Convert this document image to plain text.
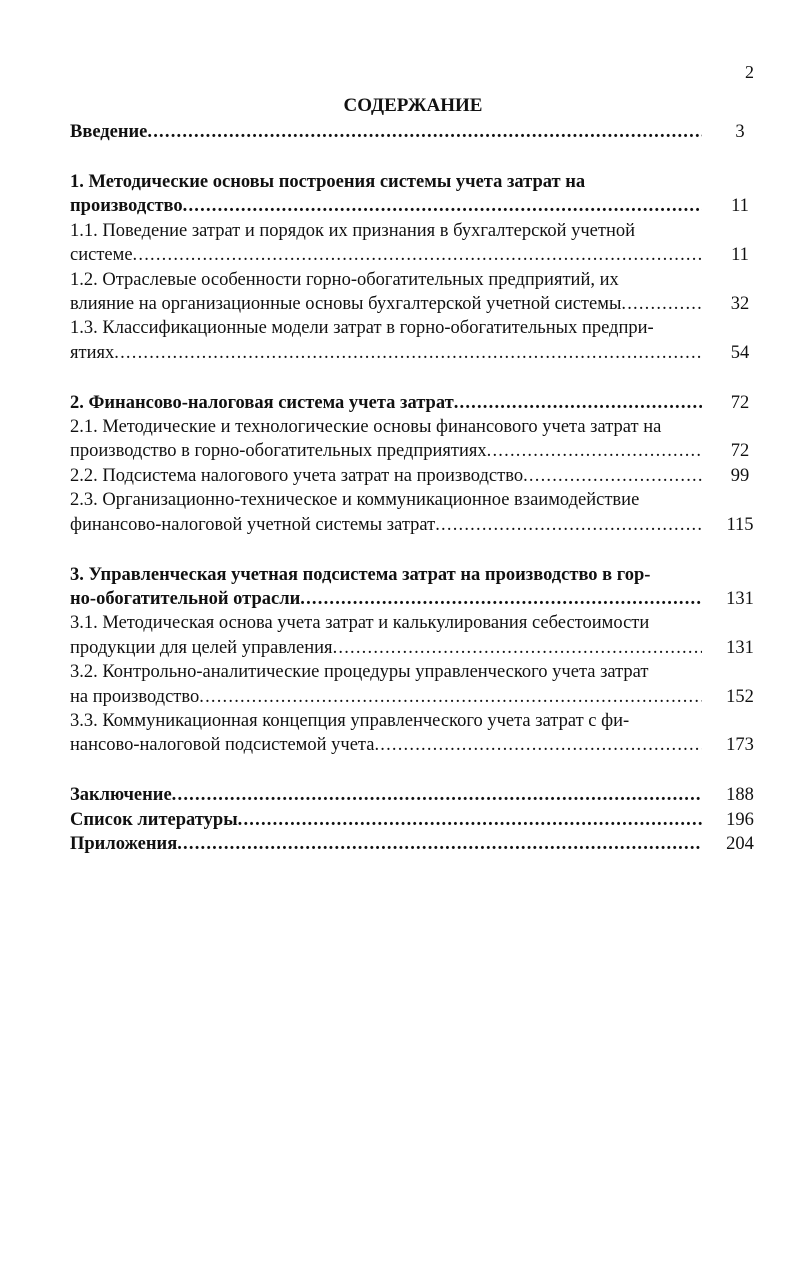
2
СОДЕРЖАНИЕ
Введение .....	3
1. Методические основы построения системы учета затрат на
производство .....	11
1.1. Поведение затрат и порядок их признания в бухгалтерской учетной
системе .....	11
1.2. Отраслевые особенности горно-обогатительных предприятий, их
влияние на организационные основы бухгалтерской учетной системы .....	32
1.3. Классификационные модели затрат в горно-обогатительных предпри-
ятиях .....	54
2. Финансово-налоговая система учета затрат .....	72
2.1. Методические и технологические основы финансового учета затрат на
производство в горно-обогатительных предприятиях .....	72
2.2. Подсистема налогового учета затрат на производство .....	99
2.3. Организационно-техническое и коммуникационное взаимодействие
финансово-налоговой учетной системы затрат .....	115
3. Управленческая учетная подсистема затрат на производство в гор-
но-обогатительной отрасли .....	131
3.1. Методическая основа учета затрат и калькулирования себестоимости
продукции для целей управления .....	131
3.2. Контрольно-аналитические процедуры управленческого учета затрат
на производство .....	152
3.3. Коммуникационная концепция управленческого учета затрат с фи-
нансово-налоговой подсистемой учета .....	173
Заключение .....	188
Список литературы .....	196
Приложения .....	204
